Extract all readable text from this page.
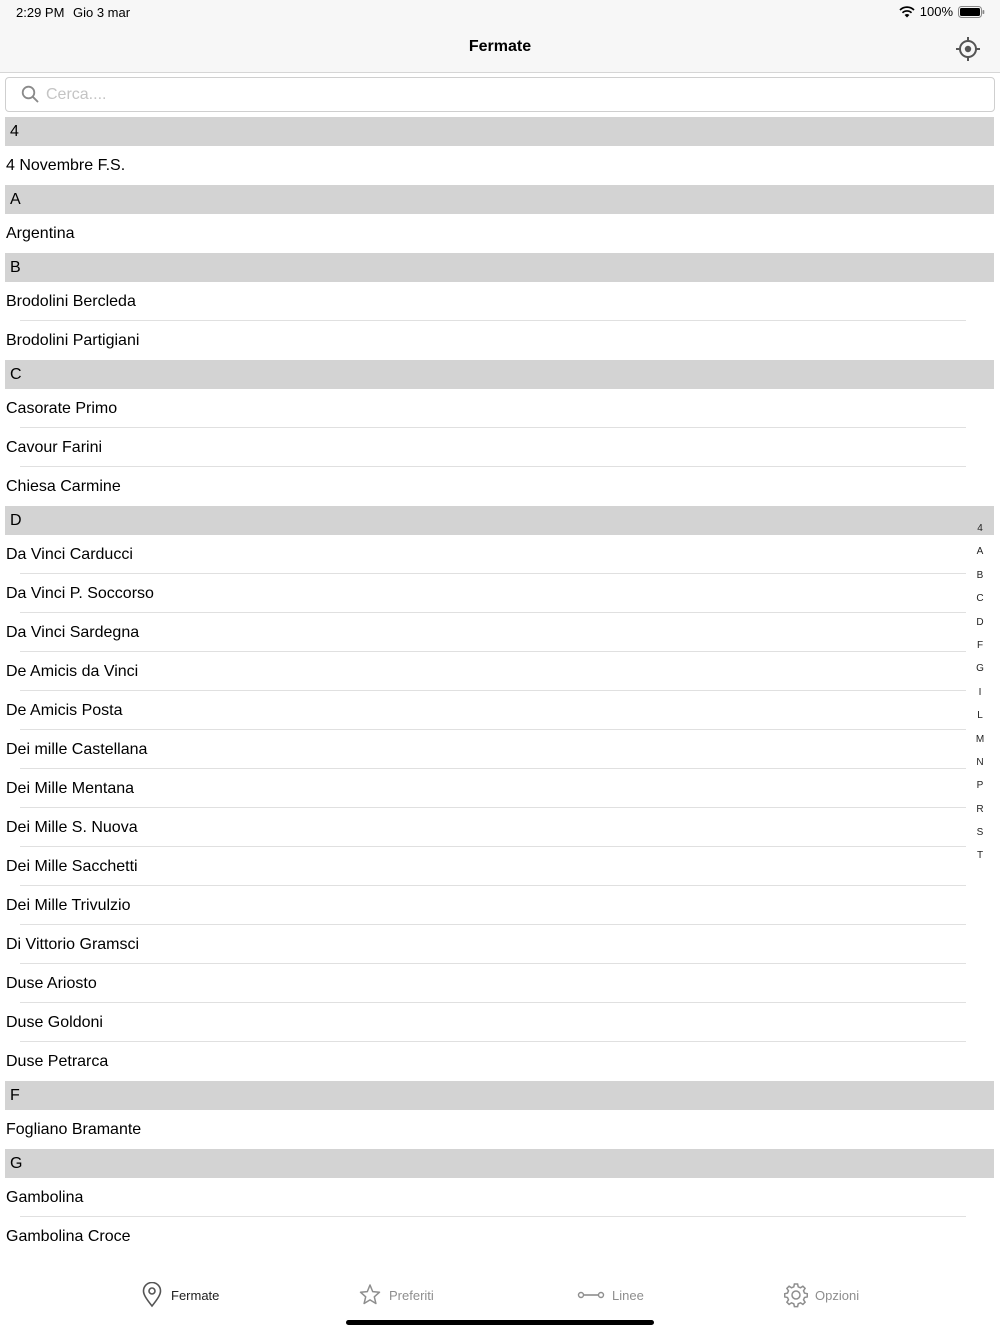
2:29 PM Gio 3 mar	100%
Fermate
Cerca....
4
4 Novembre F.S.
A
Argentina
B
Brodolini Bercleda
Brodolini Partigiani
C
Casorate Primo
Cavour Farini
Chiesa Carmine
D
Da Vinci Carducci
Da Vinci P. Soccorso
Da Vinci Sardegna
De Amicis da Vinci
De Amicis Posta
Dei mille Castellana
Dei Mille Mentana
Dei Mille S. Nuova
Dei Mille Sacchetti
Dei Mille Trivulzio
Di Vittorio Gramsci
Duse Ariosto
Duse Goldoni
Duse Petrarca
F
Fogliano Bramante
G
Gambolina
Gambolina Croce
4
A
B
C
D
F
G
I
L
M
N
P
R
S
T
Fermate	Preferiti	Linee	Opzioni
